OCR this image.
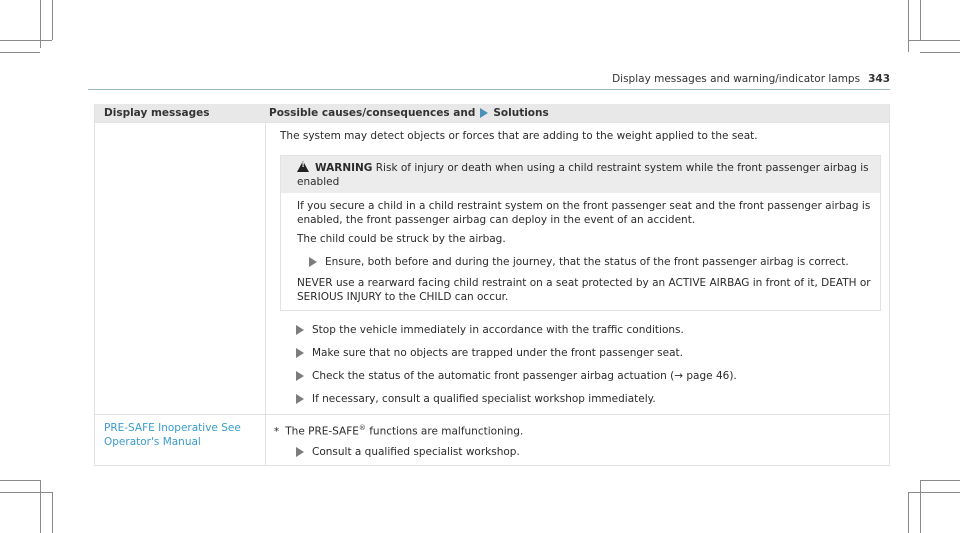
Display messages and warning/indicator lamps 343
Display messages	Possible causes/consequences and Solutions
The system may detect objects or forces that are adding to the weight applied to the seat.
! WARNING Risk of injury or death when using a child restraint system while the front passenger airbag is enabled
If you secure a child in a child restraint system on the front passenger seat and the front passenger airbag is enabled, the front passenger airbag can deploy in the event of an accident.
The child could be struck by the airbag.
Ensure, both before and during the journey, that the status of the front passenger airbag is correct.
NEVER use a rearward facing child restraint on a seat protected by an ACTIVE AIRBAG in front of it, DEATH or SERIOUS INJURY to the CHILD can occur.
Stop the vehicle immediately in accordance with the traffic conditions.
Make sure that no objects are trapped under the front passenger seat.
Check the status of the automatic front passenger airbag actuation (→ page 46).
If necessary, consult a qualified specialist workshop immediately.
PRE-SAFE Inoperative See
Operator's Manual
* The PRE-SAFE® functions are malfunctioning.
Consult a qualified specialist workshop.
